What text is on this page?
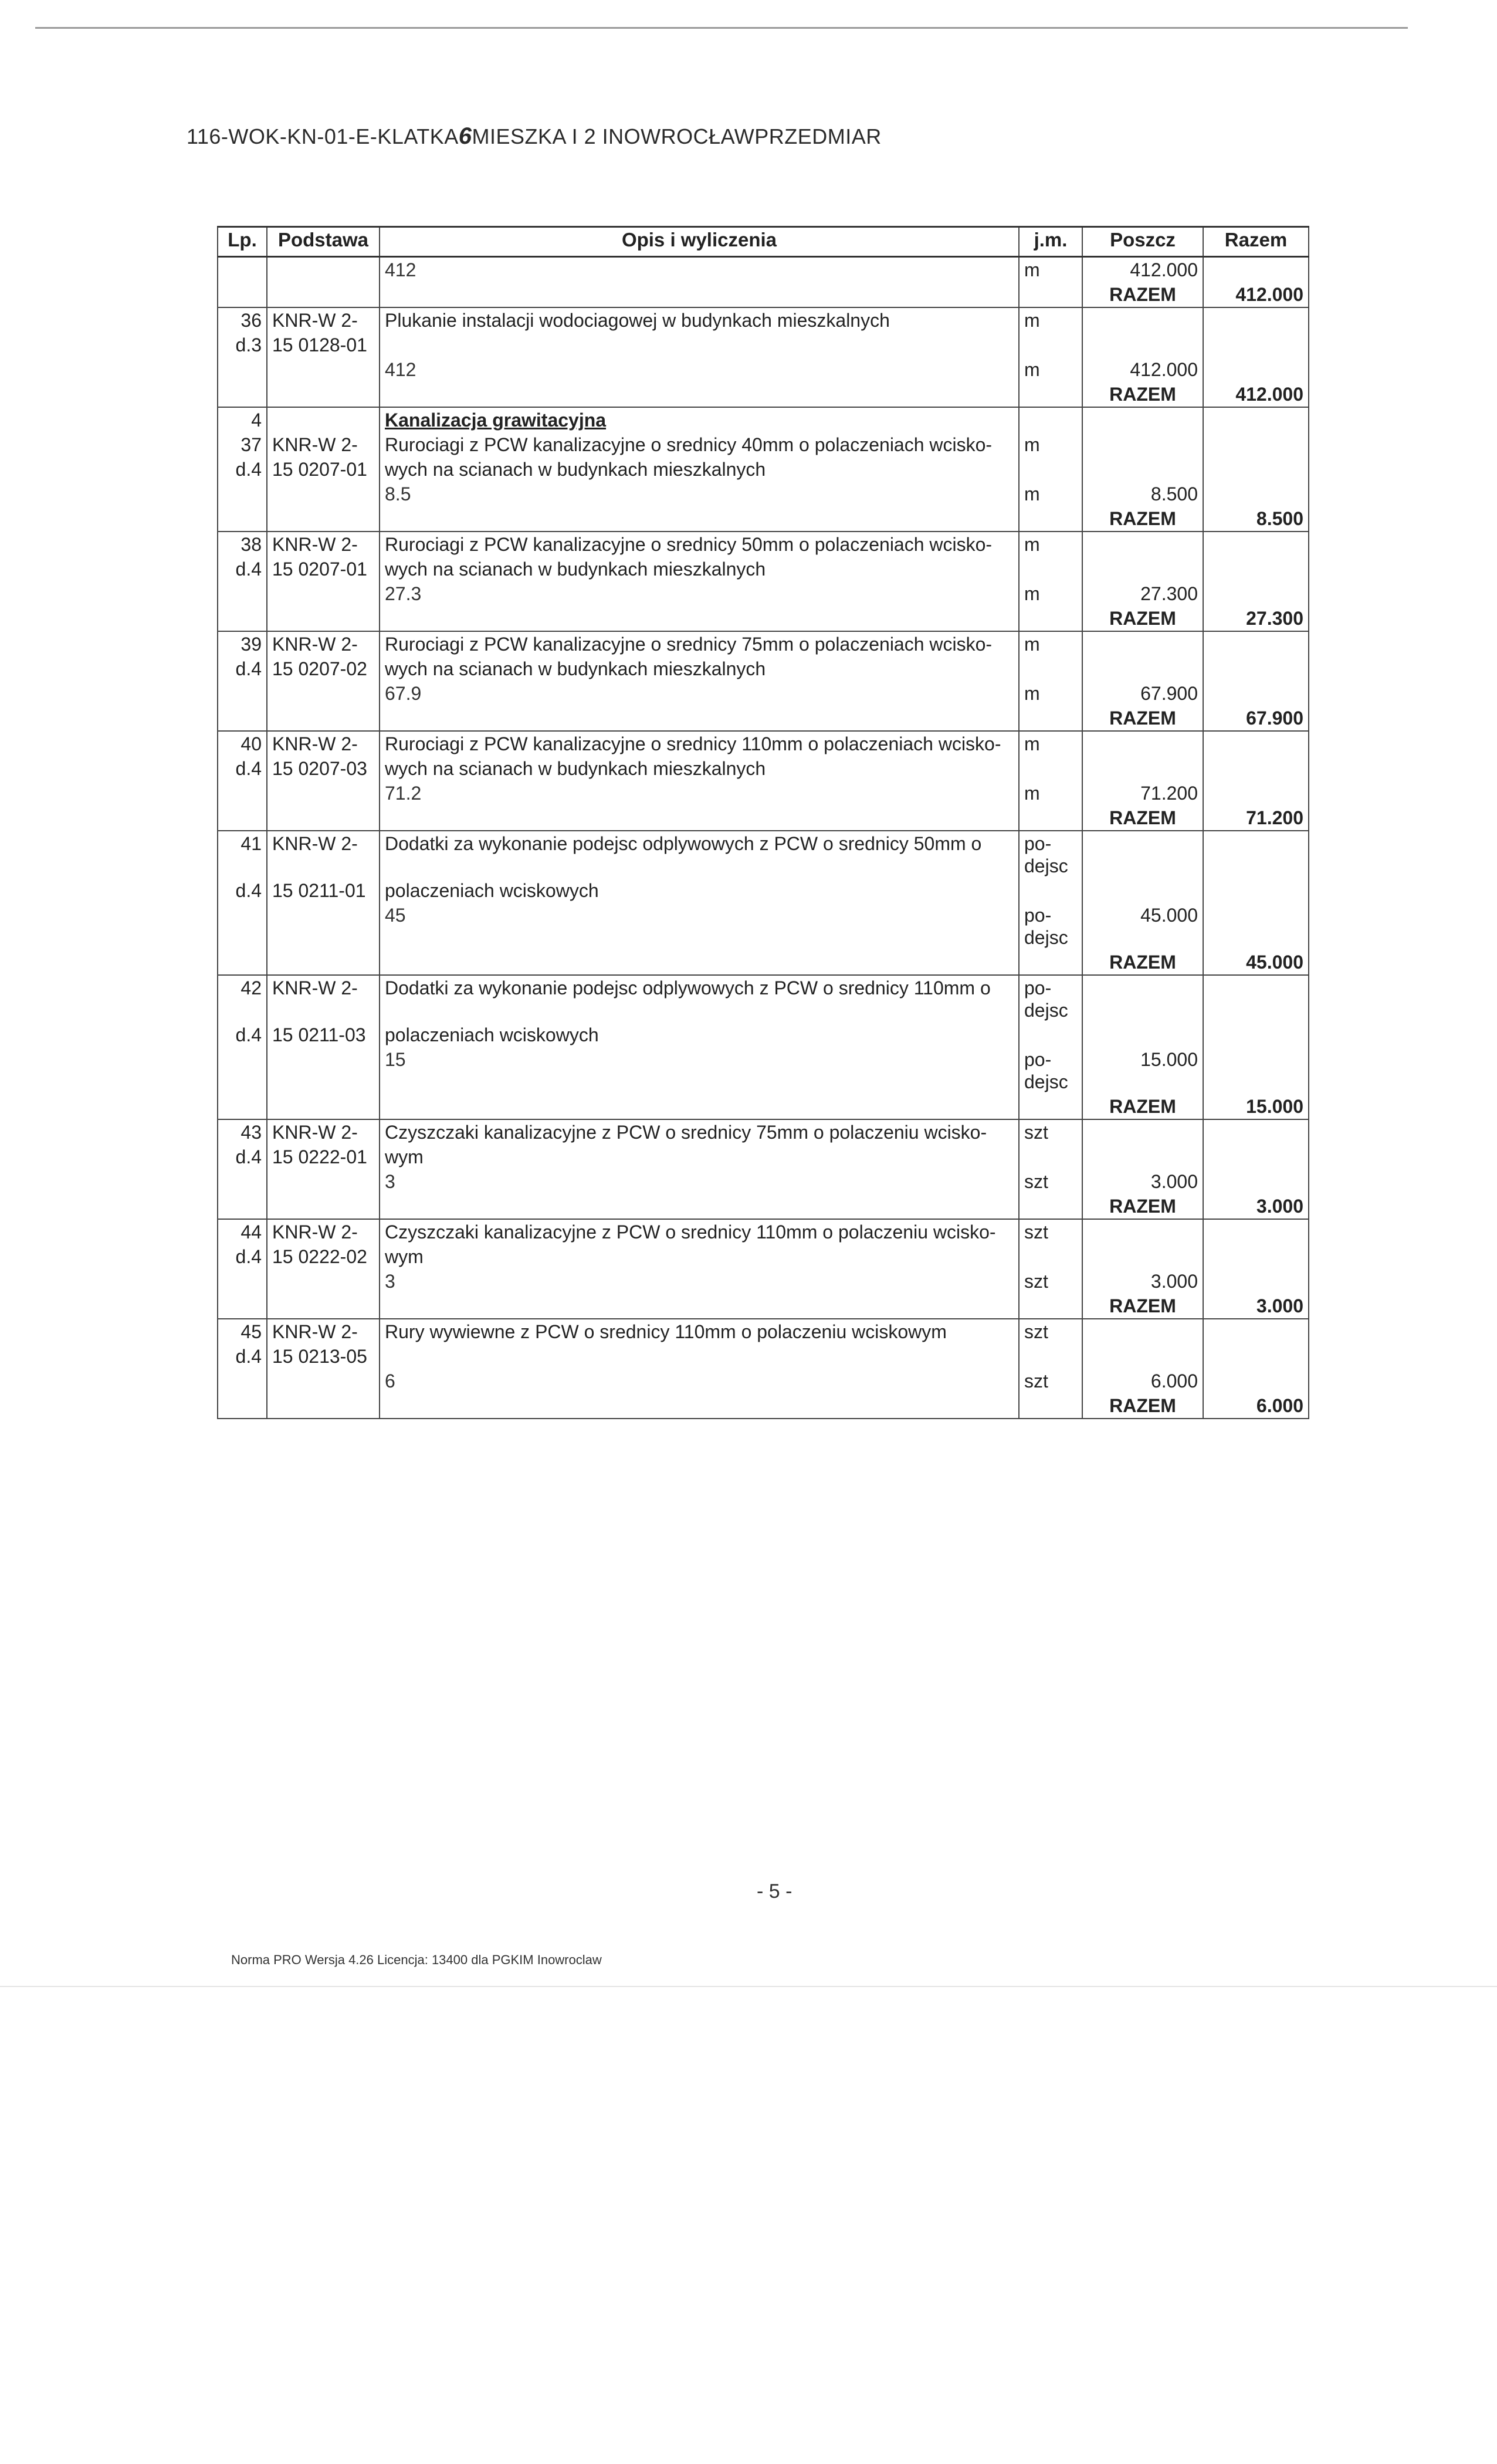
116-WOK-KN-01-E-KLATKA6MIESZKA I 2 INOWROCŁAWPRZEDMIAR
Lp.	Podstawa	Opis i wyliczenia	j.m.	Poszcz	Razem
		412	m	412.000	
				RAZEM	412.000
36	KNR-W 2-	Plukanie instalacji wodociagowej w budynkach mieszkalnych	m		
d.3	15 0128-01				
		412	m	412.000	
				RAZEM	412.000
4		Kanalizacja grawitacyjna			
37	KNR-W 2-	Rurociagi z PCW kanalizacyjne o srednicy 40mm o polaczeniach wcisko-	m		
d.4	15 0207-01	wych na scianach w budynkach mieszkalnych			
		8.5	m	8.500	
				RAZEM	8.500
38	KNR-W 2-	Rurociagi z PCW kanalizacyjne o srednicy 50mm o polaczeniach wcisko-	m		
d.4	15 0207-01	wych na scianach w budynkach mieszkalnych			
		27.3	m	27.300	
				RAZEM	27.300
39	KNR-W 2-	Rurociagi z PCW kanalizacyjne o srednicy 75mm o polaczeniach wcisko-	m		
d.4	15 0207-02	wych na scianach w budynkach mieszkalnych			
		67.9	m	67.900	
				RAZEM	67.900
40	KNR-W 2-	Rurociagi z PCW kanalizacyjne o srednicy 110mm o polaczeniach wcisko-	m		
d.4	15 0207-03	wych na scianach w budynkach mieszkalnych			
		71.2	m	71.200	
				RAZEM	71.200
41	KNR-W 2-	Dodatki za wykonanie podejsc odplywowych z PCW o srednicy 50mm o	po-dejsc		
d.4	15 0211-01	polaczeniach wciskowych			
		45	po-dejsc	45.000	
				RAZEM	45.000
42	KNR-W 2-	Dodatki za wykonanie podejsc odplywowych z PCW o srednicy 110mm o	po-dejsc		
d.4	15 0211-03	polaczeniach wciskowych			
		15	po-dejsc	15.000	
				RAZEM	15.000
43	KNR-W 2-	Czyszczaki kanalizacyjne z PCW o srednicy 75mm o polaczeniu wcisko-	szt		
d.4	15 0222-01	wym			
		3	szt	3.000	
				RAZEM	3.000
44	KNR-W 2-	Czyszczaki kanalizacyjne z PCW o srednicy 110mm o polaczeniu wcisko-	szt		
d.4	15 0222-02	wym			
		3	szt	3.000	
				RAZEM	3.000
45	KNR-W 2-	Rury wywiewne z PCW o srednicy 110mm o polaczeniu wciskowym	szt		
d.4	15 0213-05				
		6	szt	6.000	
				RAZEM	6.000
- 5 -
Norma PRO Wersja 4.26 Licencja: 13400 dla PGKIM Inowroclaw
